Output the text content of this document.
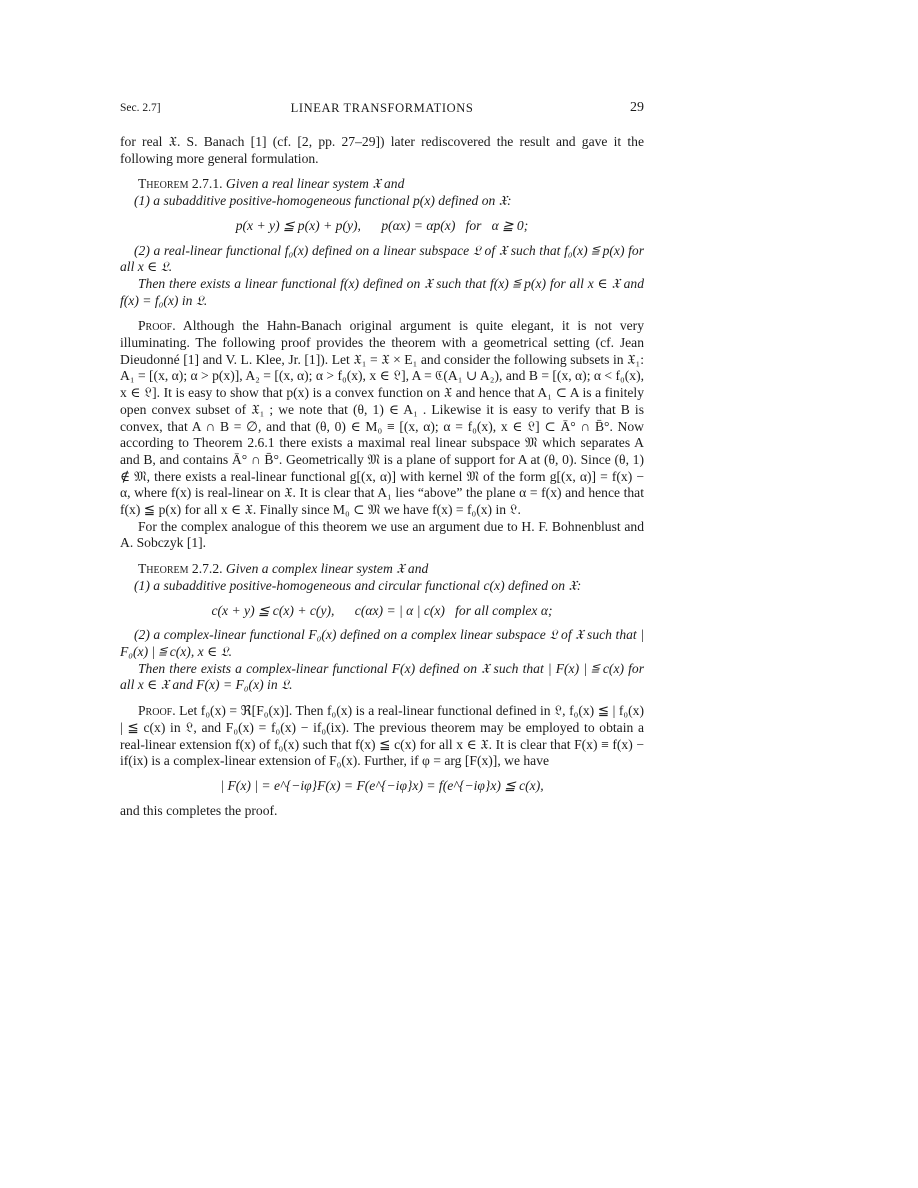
Sec. 2.7]	LINEAR TRANSFORMATIONS	29

for real 𝔛. S. Banach [1] (cf. [2, pp. 27–29]) later rediscovered the result and gave it the following more general formulation.

Theorem 2.7.1. Given a real linear system 𝔛 and

(1) a subadditive positive-homogeneous functional p(x) defined on 𝔛:

p(x + y) ≦ p(x) + p(y),      p(αx) = αp(x)   for   α ≧ 0;

(2) a real-linear functional f₀(x) defined on a linear subspace 𝔏 of 𝔛 such that f₀(x) ≦ p(x) for all x ∈ 𝔏.

Then there exists a linear functional f(x) defined on 𝔛 such that f(x) ≦ p(x) for all x ∈ 𝔛 and f(x) = f₀(x) in 𝔏.

Proof. Although the Hahn-Banach original argument is quite elegant, it is not very illuminating. The following proof provides the theorem with a geometrical setting (cf. Jean Dieudonné [1] and V. L. Klee, Jr. [1]). Let 𝔛₁ = 𝔛 × E₁ and consider the following subsets in 𝔛₁: A₁ = [(x, α); α > p(x)], A₂ = [(x, α); α > f₀(x), x ∈ 𝔏], A = ℭ(A₁ ∪ A₂), and B = [(x, α); α < f₀(x), x ∈ 𝔏]. It is easy to show that p(x) is a convex function on 𝔛 and hence that A₁ ⊂ A is a finitely open convex subset of 𝔛₁ ; we note that (θ, 1) ∈ A₁ . Likewise it is easy to verify that B is convex, that A ∩ B = ∅, and that (θ, 0) ∈ M₀ ≡ [(x, α); α = f₀(x), x ∈ 𝔏] ⊂ Ā° ∩ B̄°. Now according to Theorem 2.6.1 there exists a maximal real linear subspace 𝔐 which separates A and B, and contains Ā° ∩ B̄°. Geometrically 𝔐 is a plane of support for A at (θ, 0). Since (θ, 1) ∉ 𝔐, there exists a real-linear functional g[(x, α)] with kernel 𝔐 of the form g[(x, α)] = f(x) − α, where f(x) is real-linear on 𝔛. It is clear that A₁ lies “above” the plane α = f(x) and hence that f(x) ≦ p(x) for all x ∈ 𝔛. Finally since M₀ ⊂ 𝔐 we have f(x) = f₀(x) in 𝔏.

For the complex analogue of this theorem we use an argument due to H. F. Bohnenblust and A. Sobczyk [1].

Theorem 2.7.2. Given a complex linear system 𝔛 and

(1) a subadditive positive-homogeneous and circular functional c(x) defined on 𝔛:

c(x + y) ≦ c(x) + c(y),      c(αx) = | α | c(x)   for all complex α;

(2) a complex-linear functional F₀(x) defined on a complex linear subspace 𝔏 of 𝔛 such that | F₀(x) | ≦ c(x), x ∈ 𝔏.

Then there exists a complex-linear functional F(x) defined on 𝔛 such that | F(x) | ≦ c(x) for all x ∈ 𝔛 and F(x) = F₀(x) in 𝔏.

Proof. Let f₀(x) = ℜ[F₀(x)]. Then f₀(x) is a real-linear functional defined in 𝔏, f₀(x) ≦ | f₀(x) | ≦ c(x) in 𝔏, and F₀(x) = f₀(x) − if₀(ix). The previous theorem may be employed to obtain a real-linear extension f(x) of f₀(x) such that f(x) ≦ c(x) for all x ∈ 𝔛. It is clear that F(x) ≡ f(x) − if(ix) is a complex-linear extension of F₀(x). Further, if φ = arg [F(x)], we have

| F(x) | = e^{−iφ}F(x) = F(e^{−iφ}x) = f(e^{−iφ}x) ≦ c(x),

and this completes the proof.
